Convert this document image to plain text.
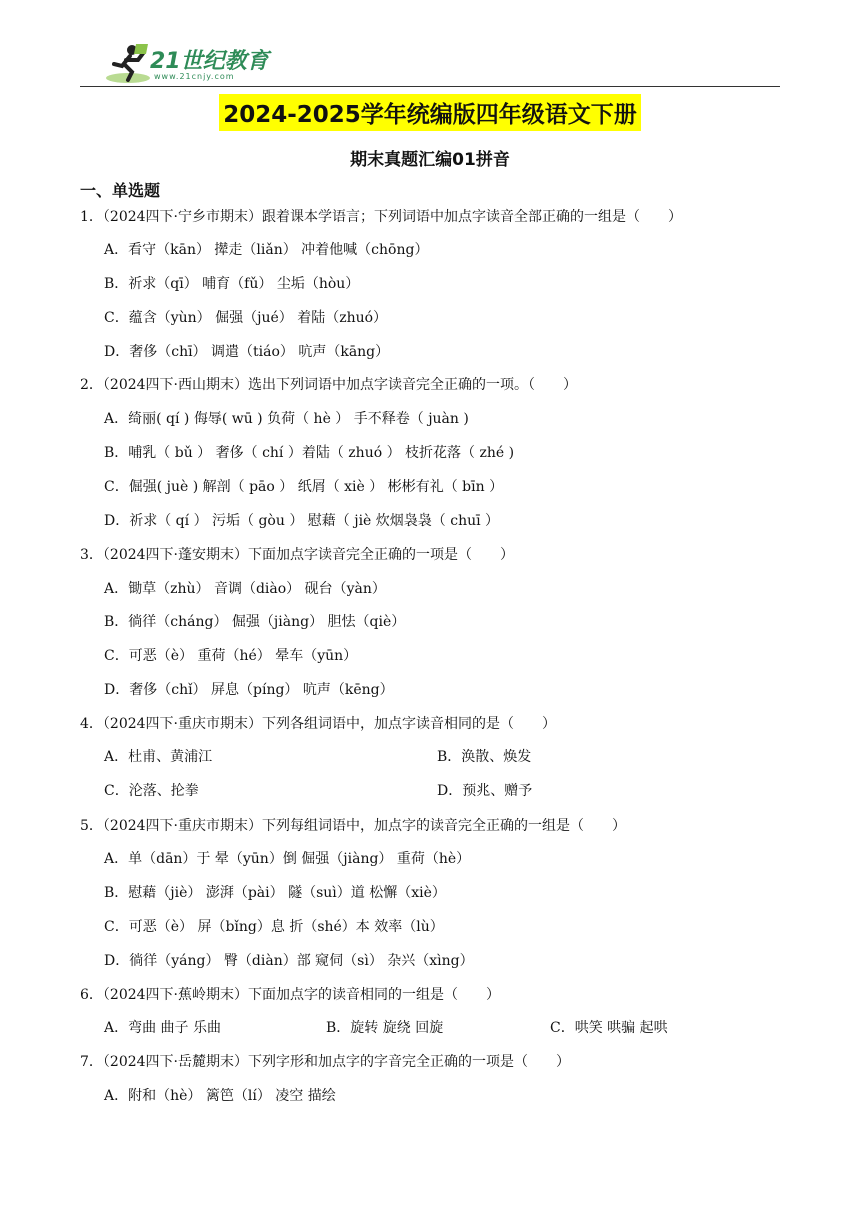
21世纪教育
www.21cnjy.com
2024-2025学年统编版四年级语文下册
期末真题汇编01拼音
一、单选题
1．（2024四下·宁乡市期末）跟着课本学语言；下列词语中加点字读音全部正确的一组是（　　）
A．看守（kān） 撵走（liǎn） 冲着他喊（chōng）
B．祈求（qī） 哺育（fǔ） 尘垢（hòu）
C．蕴含（yùn） 倔强（jué） 着陆（zhuó）
D．奢侈（chī） 调遣（tiáo） 吭声（kāng）
2．（2024四下·西山期末）选出下列词语中加点字读音完全正确的一项。（　　）
A．绮丽( qí ) 侮辱( wū ) 负荷（ hè ） 手不释卷（ juàn )
B．哺乳（ bǔ ） 奢侈（ chí ）着陆（ zhuó ） 枝折花落（ zhé )
C．倔强( juè ) 解剖（ pāo ） 纸屑（ xiè ） 彬彬有礼（ bīn ）
D．祈求（ qí ） 污垢（ gòu ） 慰藉（ jiè 炊烟袅袅（ chuī ）
3．（2024四下·蓬安期末）下面加点字读音完全正确的一项是（　　）
A．锄草（zhù） 音调（diào） 砚台（yàn）
B．徜徉（cháng） 倔强（jiàng） 胆怯（qiè）
C．可恶（è） 重荷（hé） 晕车（yūn）
D．奢侈（chǐ） 屏息（píng） 吭声（kēng）
4．（2024四下·重庆市期末）下列各组词语中，加点字读音相同的是（　　）
A．杜甫、黄浦江	B．涣散、焕发
C．沦落、抡拳	D．预兆、赠予
5．（2024四下·重庆市期末）下列每组词语中，加点字的读音完全正确的一组是（　　）
A．单（dān）于 晕（yūn）倒 倔强（jiàng） 重荷（hè）
B．慰藉（jiè） 澎湃（pài） 隧（suì）道 松懈（xiè）
C．可恶（è） 屏（bǐng）息 折（shé）本 效率（lù）
D．徜徉（yáng） 臀（diàn）部 窥伺（sì） 杂兴（xìng）
6．（2024四下·蕉岭期末）下面加点字的读音相同的一组是（　　）
A．弯曲 曲子 乐曲	B．旋转 旋绕 回旋	C．哄笑 哄骗 起哄
7．（2024四下·岳麓期末）下列字形和加点字的字音完全正确的一项是（　　）
A．附和（hè） 篱笆（lí） 凌空 描绘
